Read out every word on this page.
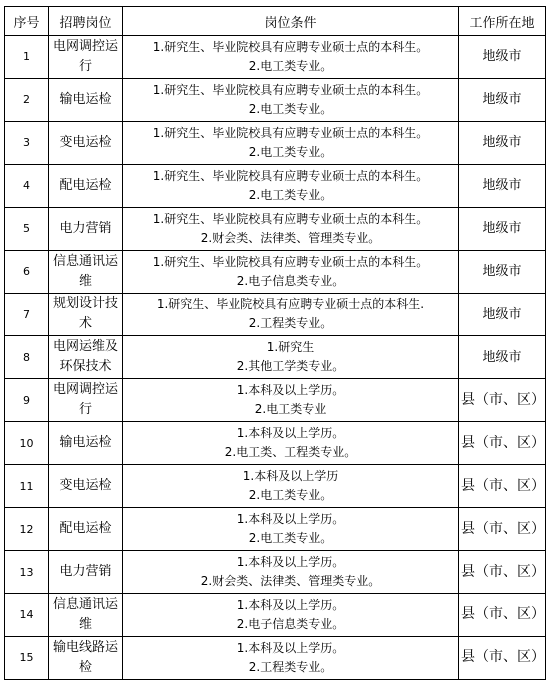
序号	招聘岗位	岗位条件	工作所在地
1	电网调控运行	1.研究生、毕业院校具有应聘专业硕士点的本科生。
2.电工类专业。	地级市
2	输电运检	1.研究生、毕业院校具有应聘专业硕士点的本科生。
2.电工类专业。	地级市
3	变电运检	1.研究生、毕业院校具有应聘专业硕士点的本科生。
2.电工类专业。	地级市
4	配电运检	1.研究生、毕业院校具有应聘专业硕士点的本科生。
2.电工类专业。	地级市
5	电力营销	1.研究生、毕业院校具有应聘专业硕士点的本科生。
2.财会类、法律类、管理类专业。	地级市
6	信息通讯运维	1.研究生、毕业院校具有应聘专业硕士点的本科生。
2.电子信息类专业。	地级市
7	规划设计技术	1.研究生、毕业院校具有应聘专业硕士点的本科生.
2.工程类专业。	地级市
8	电网运维及环保技术	1.研究生
2.其他工学类专业。	地级市
9	电网调控运行	1.本科及以上学历。
2.电工类专业	县（市、区）
10	输电运检	1.本科及以上学历。
2.电工类、工程类专业。	县（市、区）
11	变电运检	1.本科及以上学历
2.电工类专业。	县（市、区）
12	配电运检	1.本科及以上学历。
2.电工类专业。	县（市、区）
13	电力营销	1.本科及以上学历。
2.财会类、法律类、管理类专业。	县（市、区）
14	信息通讯运维	1.本科及以上学历。
2.电子信息类专业。	县（市、区）
15	输电线路运检	1.本科及以上学历。
2.工程类专业。	县（市、区）
